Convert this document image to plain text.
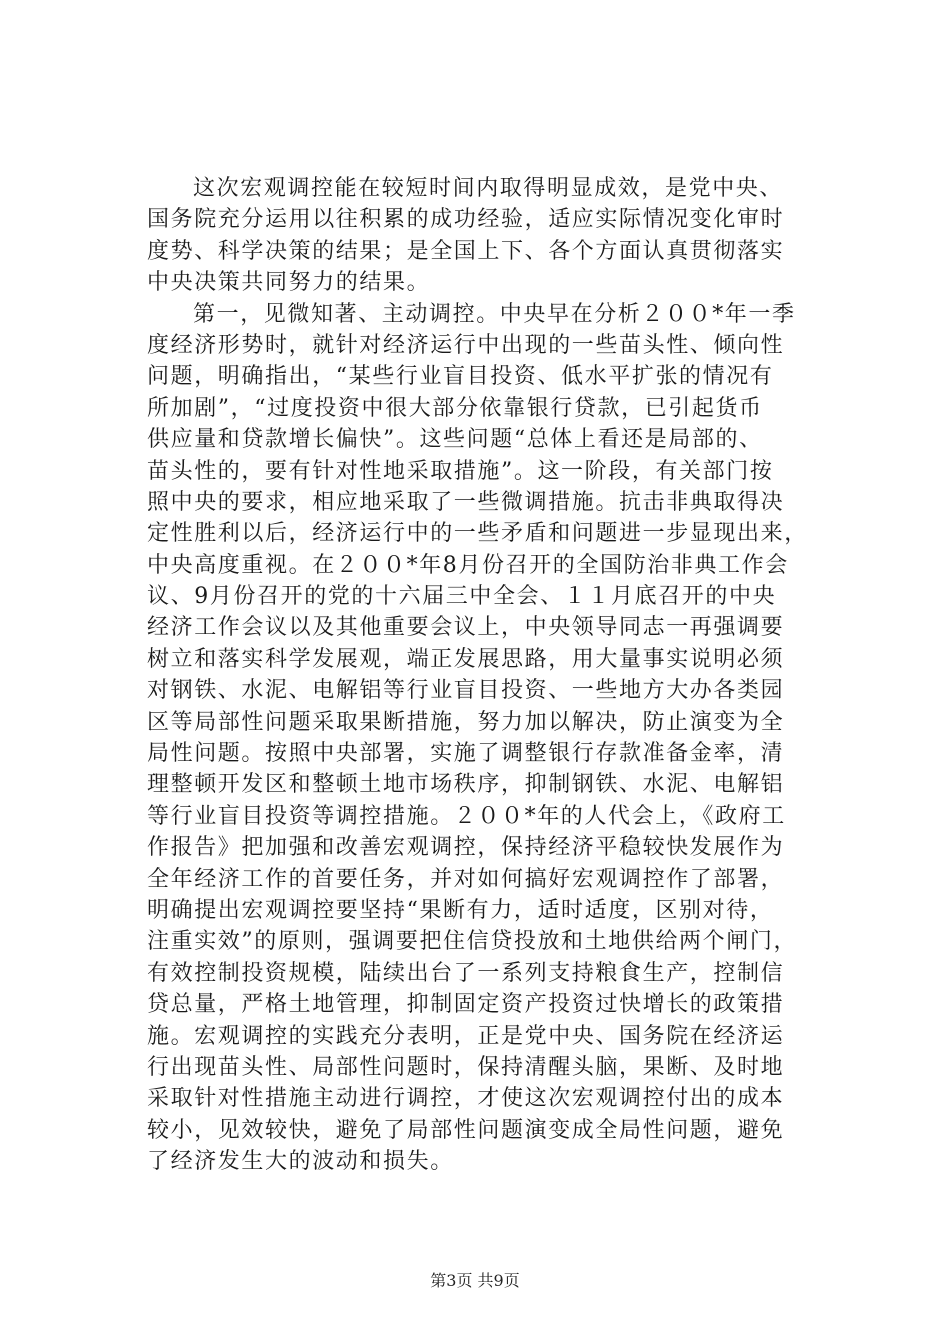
这次宏观调控能在较短时间内取得明显成效，是党中央、
国务院充分运用以往积累的成功经验，适应实际情况变化审时
度势、科学决策的结果；是全国上下、各个方面认真贯彻落实
中央决策共同努力的结果。
第一，见微知著、主动调控。中央早在分析２００*年一季
度经济形势时，就针对经济运行中出现的一些苗头性、倾向性
问题，明确指出，“某些行业盲目投资、低水平扩张的情况有
所加剧”，“过度投资中很大部分依靠银行贷款，已引起货币
供应量和贷款增长偏快”。这些问题“总体上看还是局部的、
苗头性的，要有针对性地采取措施”。这一阶段，有关部门按
照中央的要求，相应地采取了一些微调措施。抗击非典取得决
定性胜利以后，经济运行中的一些矛盾和问题进一步显现出来，
中央高度重视。在２００*年8月份召开的全国防治非典工作会
议、9月份召开的党的十六届三中全会、１１月底召开的中央
经济工作会议以及其他重要会议上，中央领导同志一再强调要
树立和落实科学发展观，端正发展思路，用大量事实说明必须
对钢铁、水泥、电解铝等行业盲目投资、一些地方大办各类园
区等局部性问题采取果断措施，努力加以解决，防止演变为全
局性问题。按照中央部署，实施了调整银行存款准备金率，清
理整顿开发区和整顿土地市场秩序，抑制钢铁、水泥、电解铝
等行业盲目投资等调控措施。２００*年的人代会上，《政府工
作报告》把加强和改善宏观调控，保持经济平稳较快发展作为
全年经济工作的首要任务，并对如何搞好宏观调控作了部署，
明确提出宏观调控要坚持“果断有力，适时适度，区别对待，
注重实效”的原则，强调要把住信贷投放和土地供给两个闸门，
有效控制投资规模，陆续出台了一系列支持粮食生产，控制信
贷总量，严格土地管理，抑制固定资产投资过快增长的政策措
施。宏观调控的实践充分表明，正是党中央、国务院在经济运
行出现苗头性、局部性问题时，保持清醒头脑，果断、及时地
采取针对性措施主动进行调控，才使这次宏观调控付出的成本
较小，见效较快，避免了局部性问题演变成全局性问题，避免
了经济发生大的波动和损失。
第3页 共9页
